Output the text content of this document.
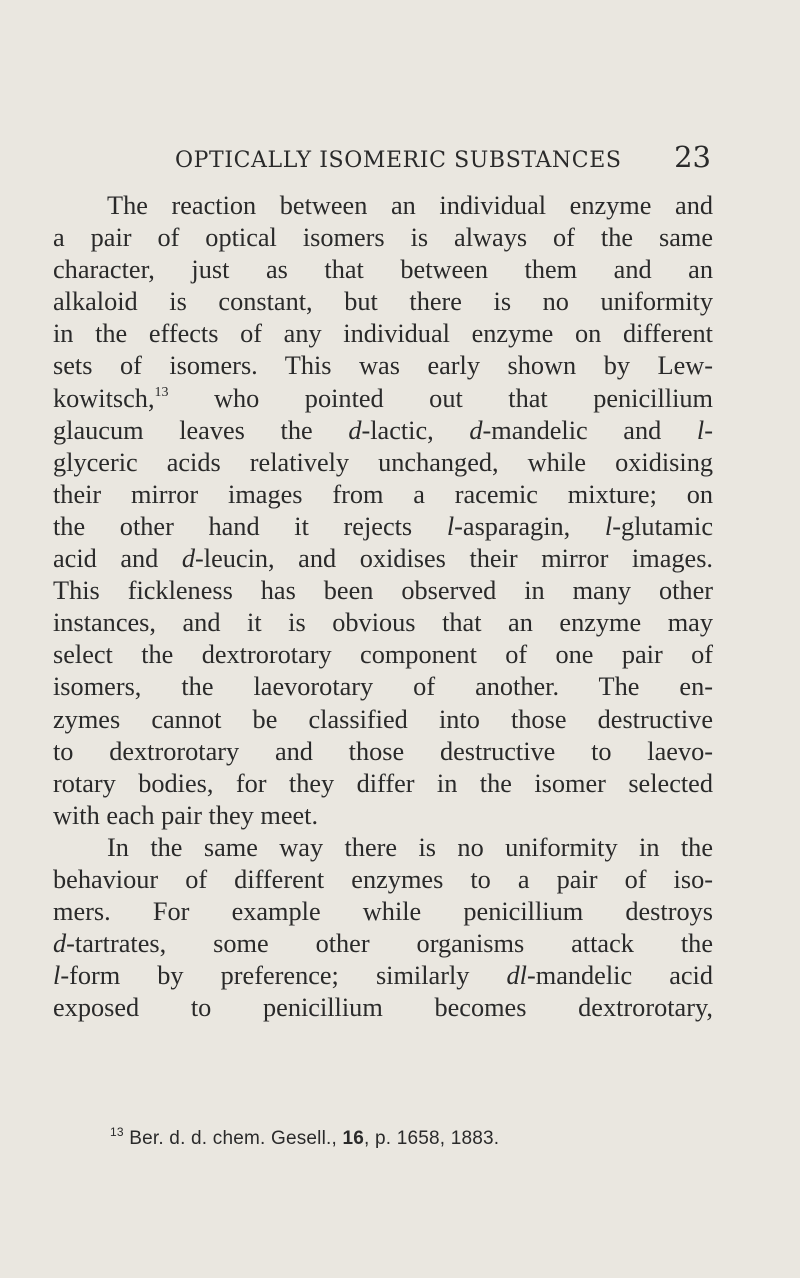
OPTICALLY ISOMERIC SUBSTANCES 23
The reaction between an individual enzyme and
a pair of optical isomers is always of the same
character, just as that between them and an
alkaloid is constant, but there is no uniformity
in the effects of any individual enzyme on different
sets of isomers. This was early shown by Lew-
kowitsch,$^{13}$ who pointed out that penicillium
glaucum leaves the d-lactic, d-mandelic and l-
glyceric acids relatively unchanged, while oxidising
their mirror images from a racemic mixture; on
the other hand it rejects l-asparagin, l-glutamic
acid and d-leucin, and oxidises their mirror images.
This fickleness has been observed in many other
instances, and it is obvious that an enzyme may
select the dextrorotary component of one pair of
isomers, the laevorotary of another. The en-
zymes cannot be classified into those destructive
to dextrorotary and those destructive to laevo-
rotary bodies, for they differ in the isomer selected
with each pair they meet.
In the same way there is no uniformity in the
behaviour of different enzymes to a pair of iso-
mers. For example while penicillium destroys
d-tartrates, some other organisms attack the
l-form by preference; similarly dl-mandelic acid
exposed to penicillium becomes dextrorotary,
$^{13}$ Ber. d. d. chem. Gesell., 16, p. 1658, 1883.
